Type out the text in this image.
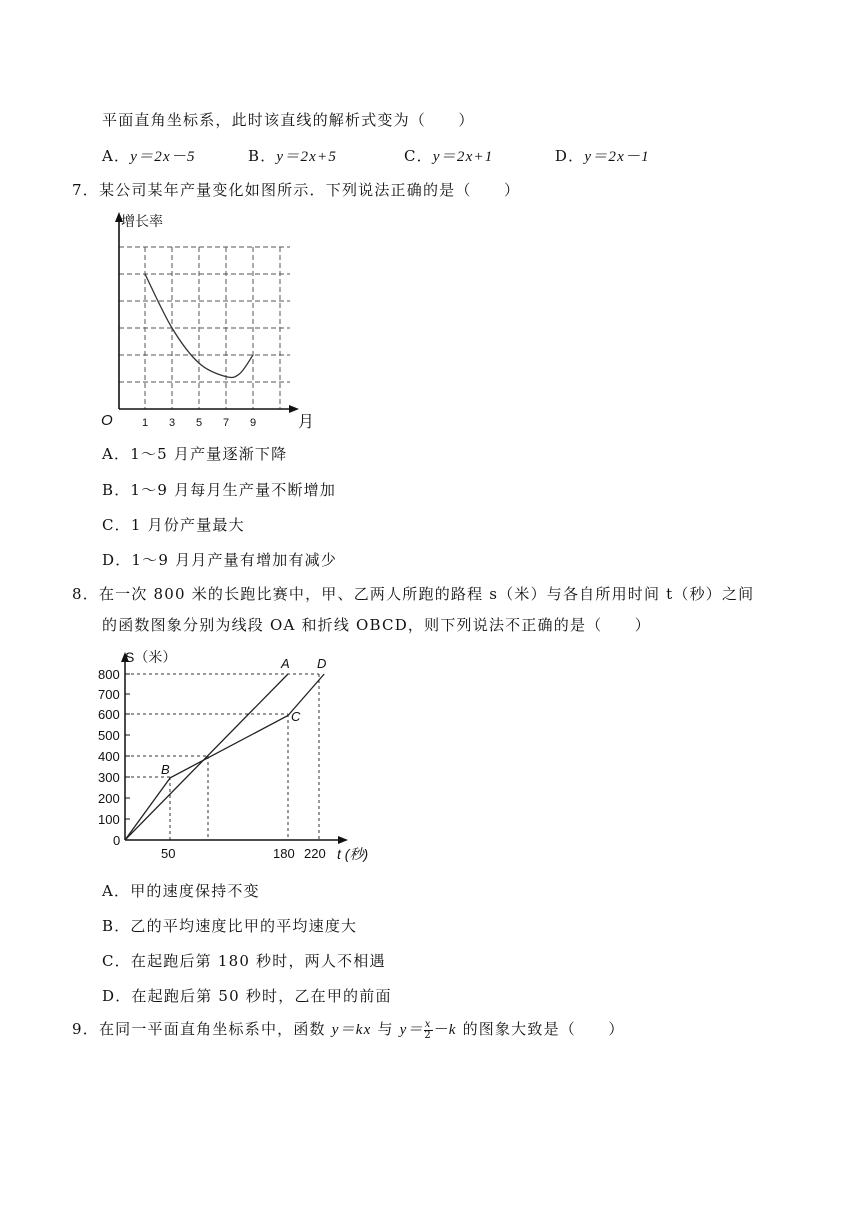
平面直角坐标系，此时该直线的解析式变为（　　）
A．y＝2x－5	B．y＝2x+5	C．y＝2x+1	D．y＝2x－1
7．某公司某年产量变化如图所示．下列说法正确的是（　　）
增长率
月
O	1 3 5 7 9
A．1～5 月产量逐渐下降
B．1～9 月每月生产量不断增加
C．1 月份产量最大
D．1～9 月月产量有增加有减少
8．在一次 800 米的长跑比赛中，甲、乙两人所跑的路程 s（米）与各自所用时间 t（秒）之间
的函数图象分别为线段 OA 和折线 OBCD，则下列说法不正确的是（　　）
S（米）
800
700
600
500
400
300
200
100
0
50	180 220 t (秒)
A
B
C
D
A．甲的速度保持不变
B．乙的平均速度比甲的平均速度大
C．在起跑后第 180 秒时，两人不相遇
D．在起跑后第 50 秒时，乙在甲的前面
9．在同一平面直角坐标系中，函数 y＝kx 与 $y= \frac{x}{2} -k$ 的图象大致是（　　）
